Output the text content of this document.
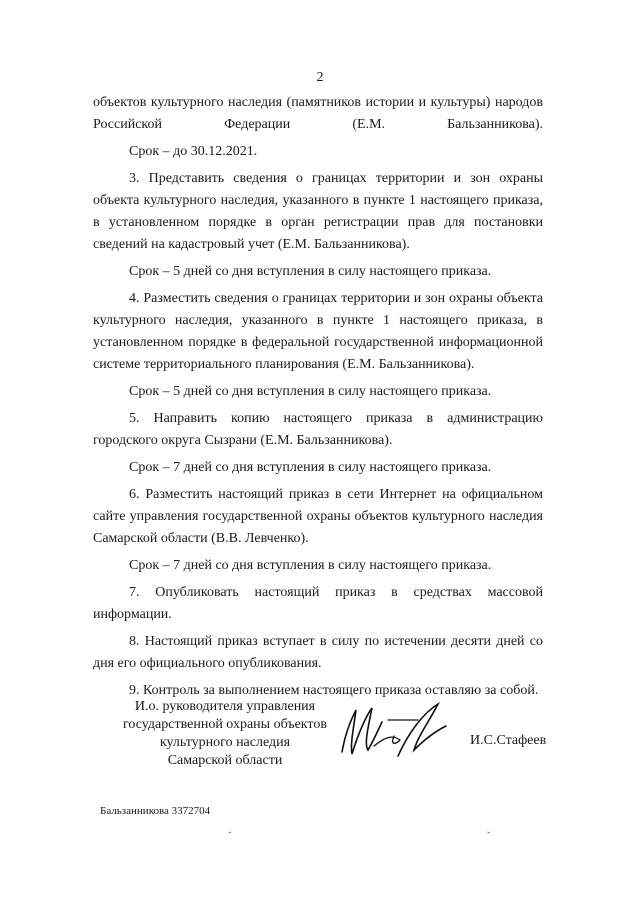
2

объектов культурного наследия (памятников истории и культуры) народов Российской Федерации (Е.М. Бальзанникова).

Срок – до 30.12.2021.

3. Представить сведения о границах территории и зон охраны объекта культурного наследия, указанного в пункте 1 настоящего приказа, в установленном порядке в орган регистрации прав для постановки сведений на кадастровый учет (Е.М. Бальзанникова).

Срок – 5 дней со дня вступления в силу настоящего приказа.

4. Разместить сведения о границах территории и зон охраны объекта культурного наследия, указанного в пункте 1 настоящего приказа, в установленном порядке в федеральной государственной информационной системе территориального планирования (Е.М. Бальзанникова).

Срок – 5 дней со дня вступления в силу настоящего приказа.

5. Направить копию настоящего приказа в администрацию городского округа Сызрани (Е.М. Бальзанникова).

Срок – 7 дней со дня вступления в силу настоящего приказа.

6. Разместить настоящий приказ в сети Интернет на официальном сайте управления государственной охраны объектов культурного наследия Самарской области (В.В. Левченко).

Срок – 7 дней со дня вступления в силу настоящего приказа.

7. Опубликовать настоящий приказ в средствах массовой информации.

8. Настоящий приказ вступает в силу по истечении десяти дней со дня его официального опубликования.

9. Контроль за выполнением настоящего приказа оставляю за собой.

И.о. руководителя управления
государственной охраны объектов
культурного наследия
Самарской области
И.С.Стафеев
Бальзанникова 3372704
˘	˘
